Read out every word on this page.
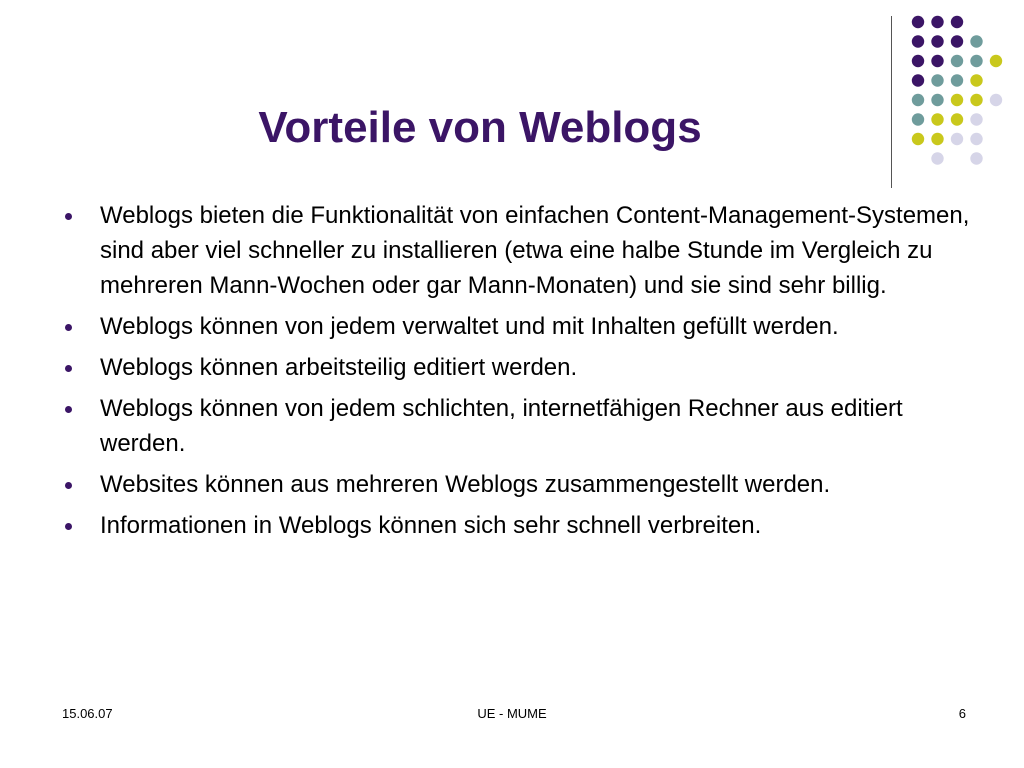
Vorteile von Weblogs
Weblogs bieten die Funktionalität von einfachen Content-Management-Systemen, sind aber viel schneller zu installieren (etwa eine halbe Stunde im Vergleich zu mehreren Mann-Wochen oder gar Mann-Monaten) und sie sind sehr billig.
Weblogs können von jedem verwaltet und mit Inhalten gefüllt werden.
Weblogs können arbeitsteilig editiert werden.
Weblogs können von jedem schlichten, internetfähigen Rechner aus editiert werden.
Websites können aus mehreren Weblogs zusammengestellt werden.
Informationen in Weblogs können sich sehr schnell verbreiten.
15.06.07	UE - MUME	6
